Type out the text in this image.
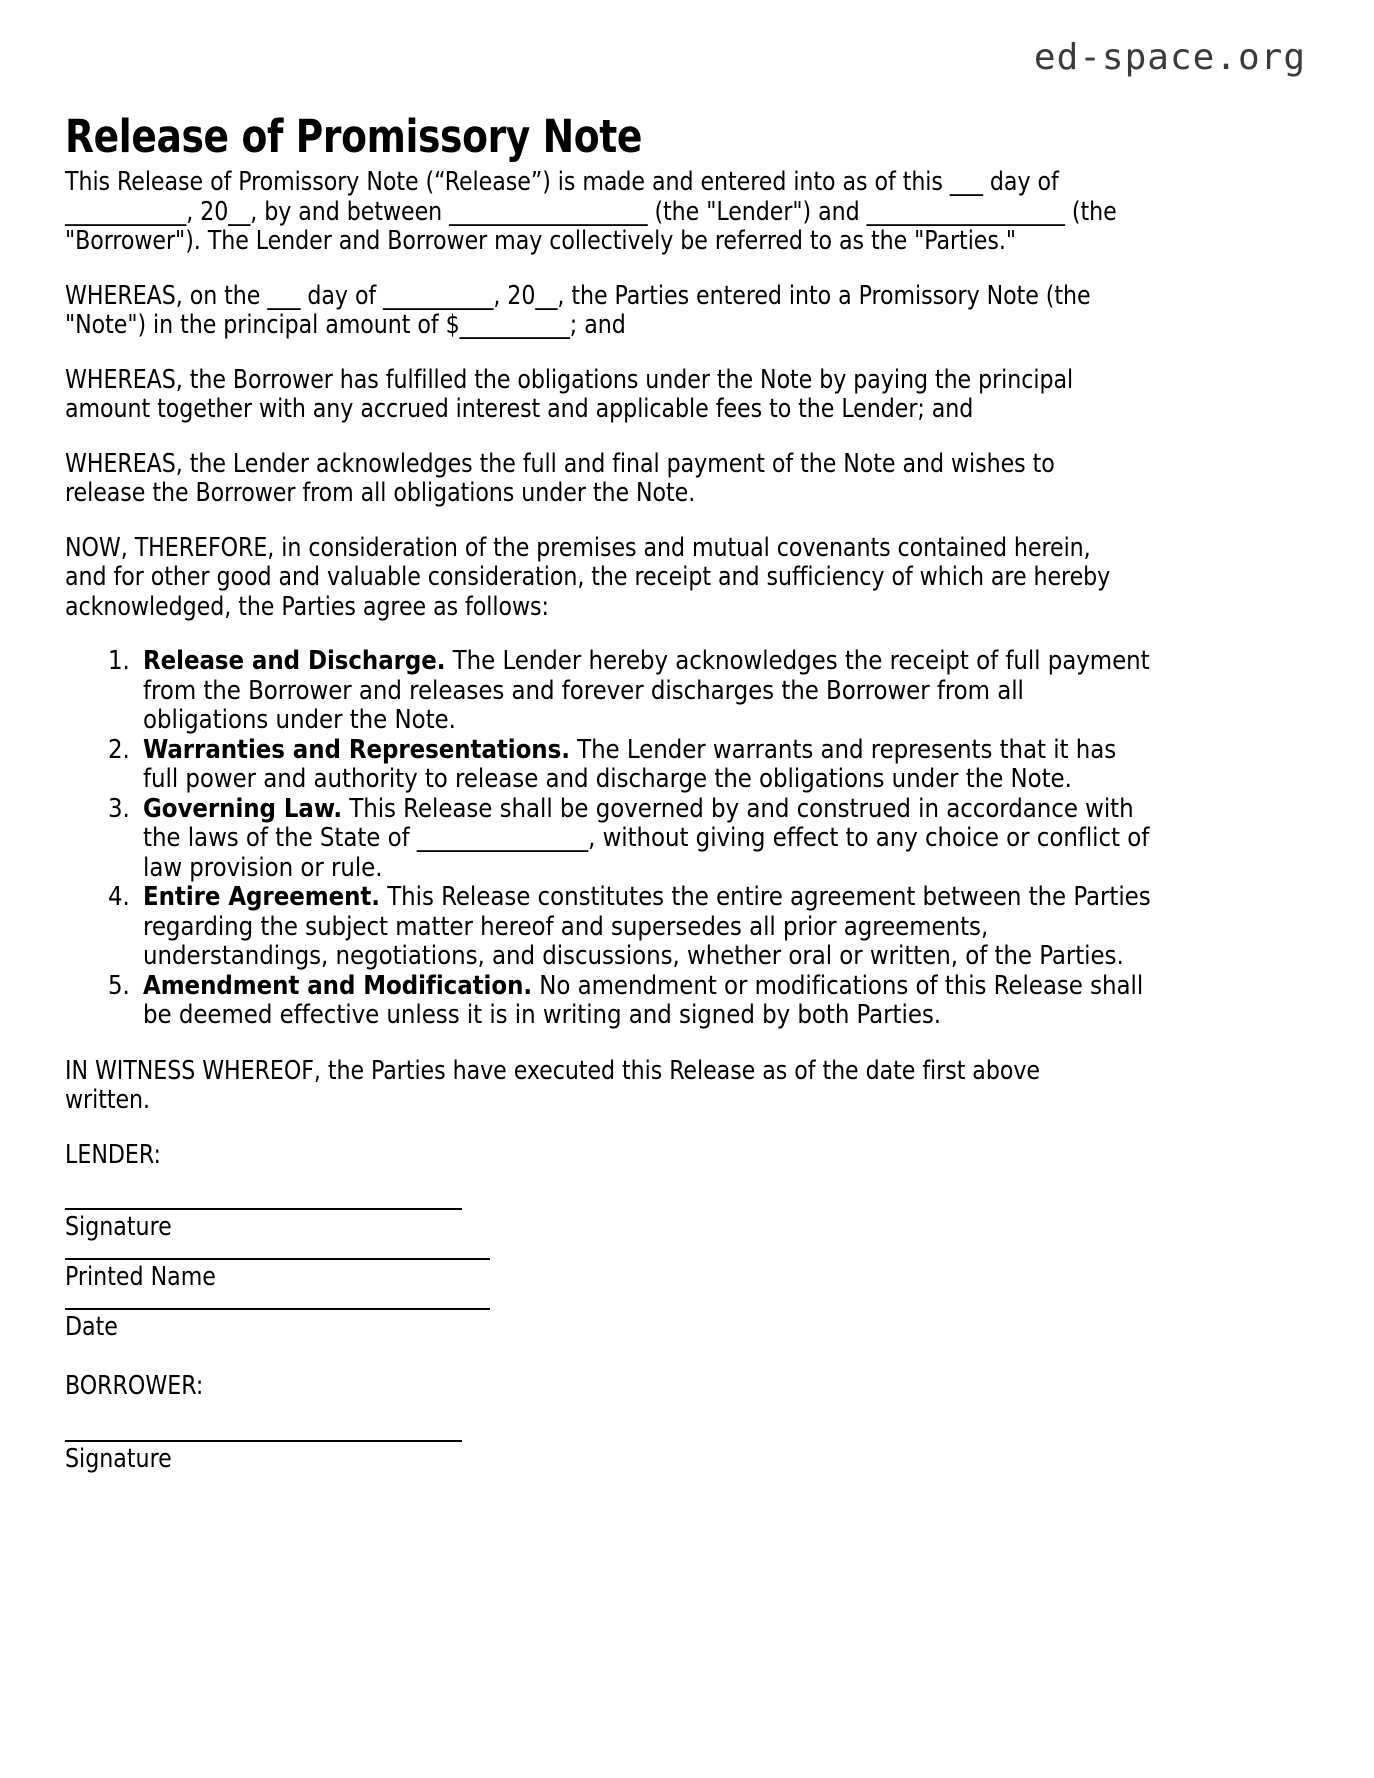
ed-space.org
Release of Promissory Note

This Release of Promissory Note (“Release”) is made and entered into as of this ___ day of ___________, 20__, by and between __________________ (the "Lender") and __________________ (the "Borrower"). The Lender and Borrower may collectively be referred to as the "Parties."

WHEREAS, on the ___ day of __________, 20__, the Parties entered into a Promissory Note (the "Note") in the principal amount of $__________; and

WHEREAS, the Borrower has fulfilled the obligations under the Note by paying the principal amount together with any accrued interest and applicable fees to the Lender; and

WHEREAS, the Lender acknowledges the full and final payment of the Note and wishes to release the Borrower from all obligations under the Note.

NOW, THEREFORE, in consideration of the premises and mutual covenants contained herein, and for other good and valuable consideration, the receipt and sufficiency of which are hereby acknowledged, the Parties agree as follows:

1. Release and Discharge. The Lender hereby acknowledges the receipt of full payment from the Borrower and releases and forever discharges the Borrower from all obligations under the Note.
2. Warranties and Representations. The Lender warrants and represents that it has full power and authority to release and discharge the obligations under the Note.
3. Governing Law. This Release shall be governed by and construed in accordance with the laws of the State of _______________, without giving effect to any choice or conflict of law provision or rule.
4. Entire Agreement. This Release constitutes the entire agreement between the Parties regarding the subject matter hereof and supersedes all prior agreements, understandings, negotiations, and discussions, whether oral or written, of the Parties.
5. Amendment and Modification. No amendment or modifications of this Release shall be deemed effective unless it is in writing and signed by both Parties.

IN WITNESS WHEREOF, the Parties have executed this Release as of the date first above written.

LENDER:

Signature
Printed Name
Date

BORROWER:

Signature
